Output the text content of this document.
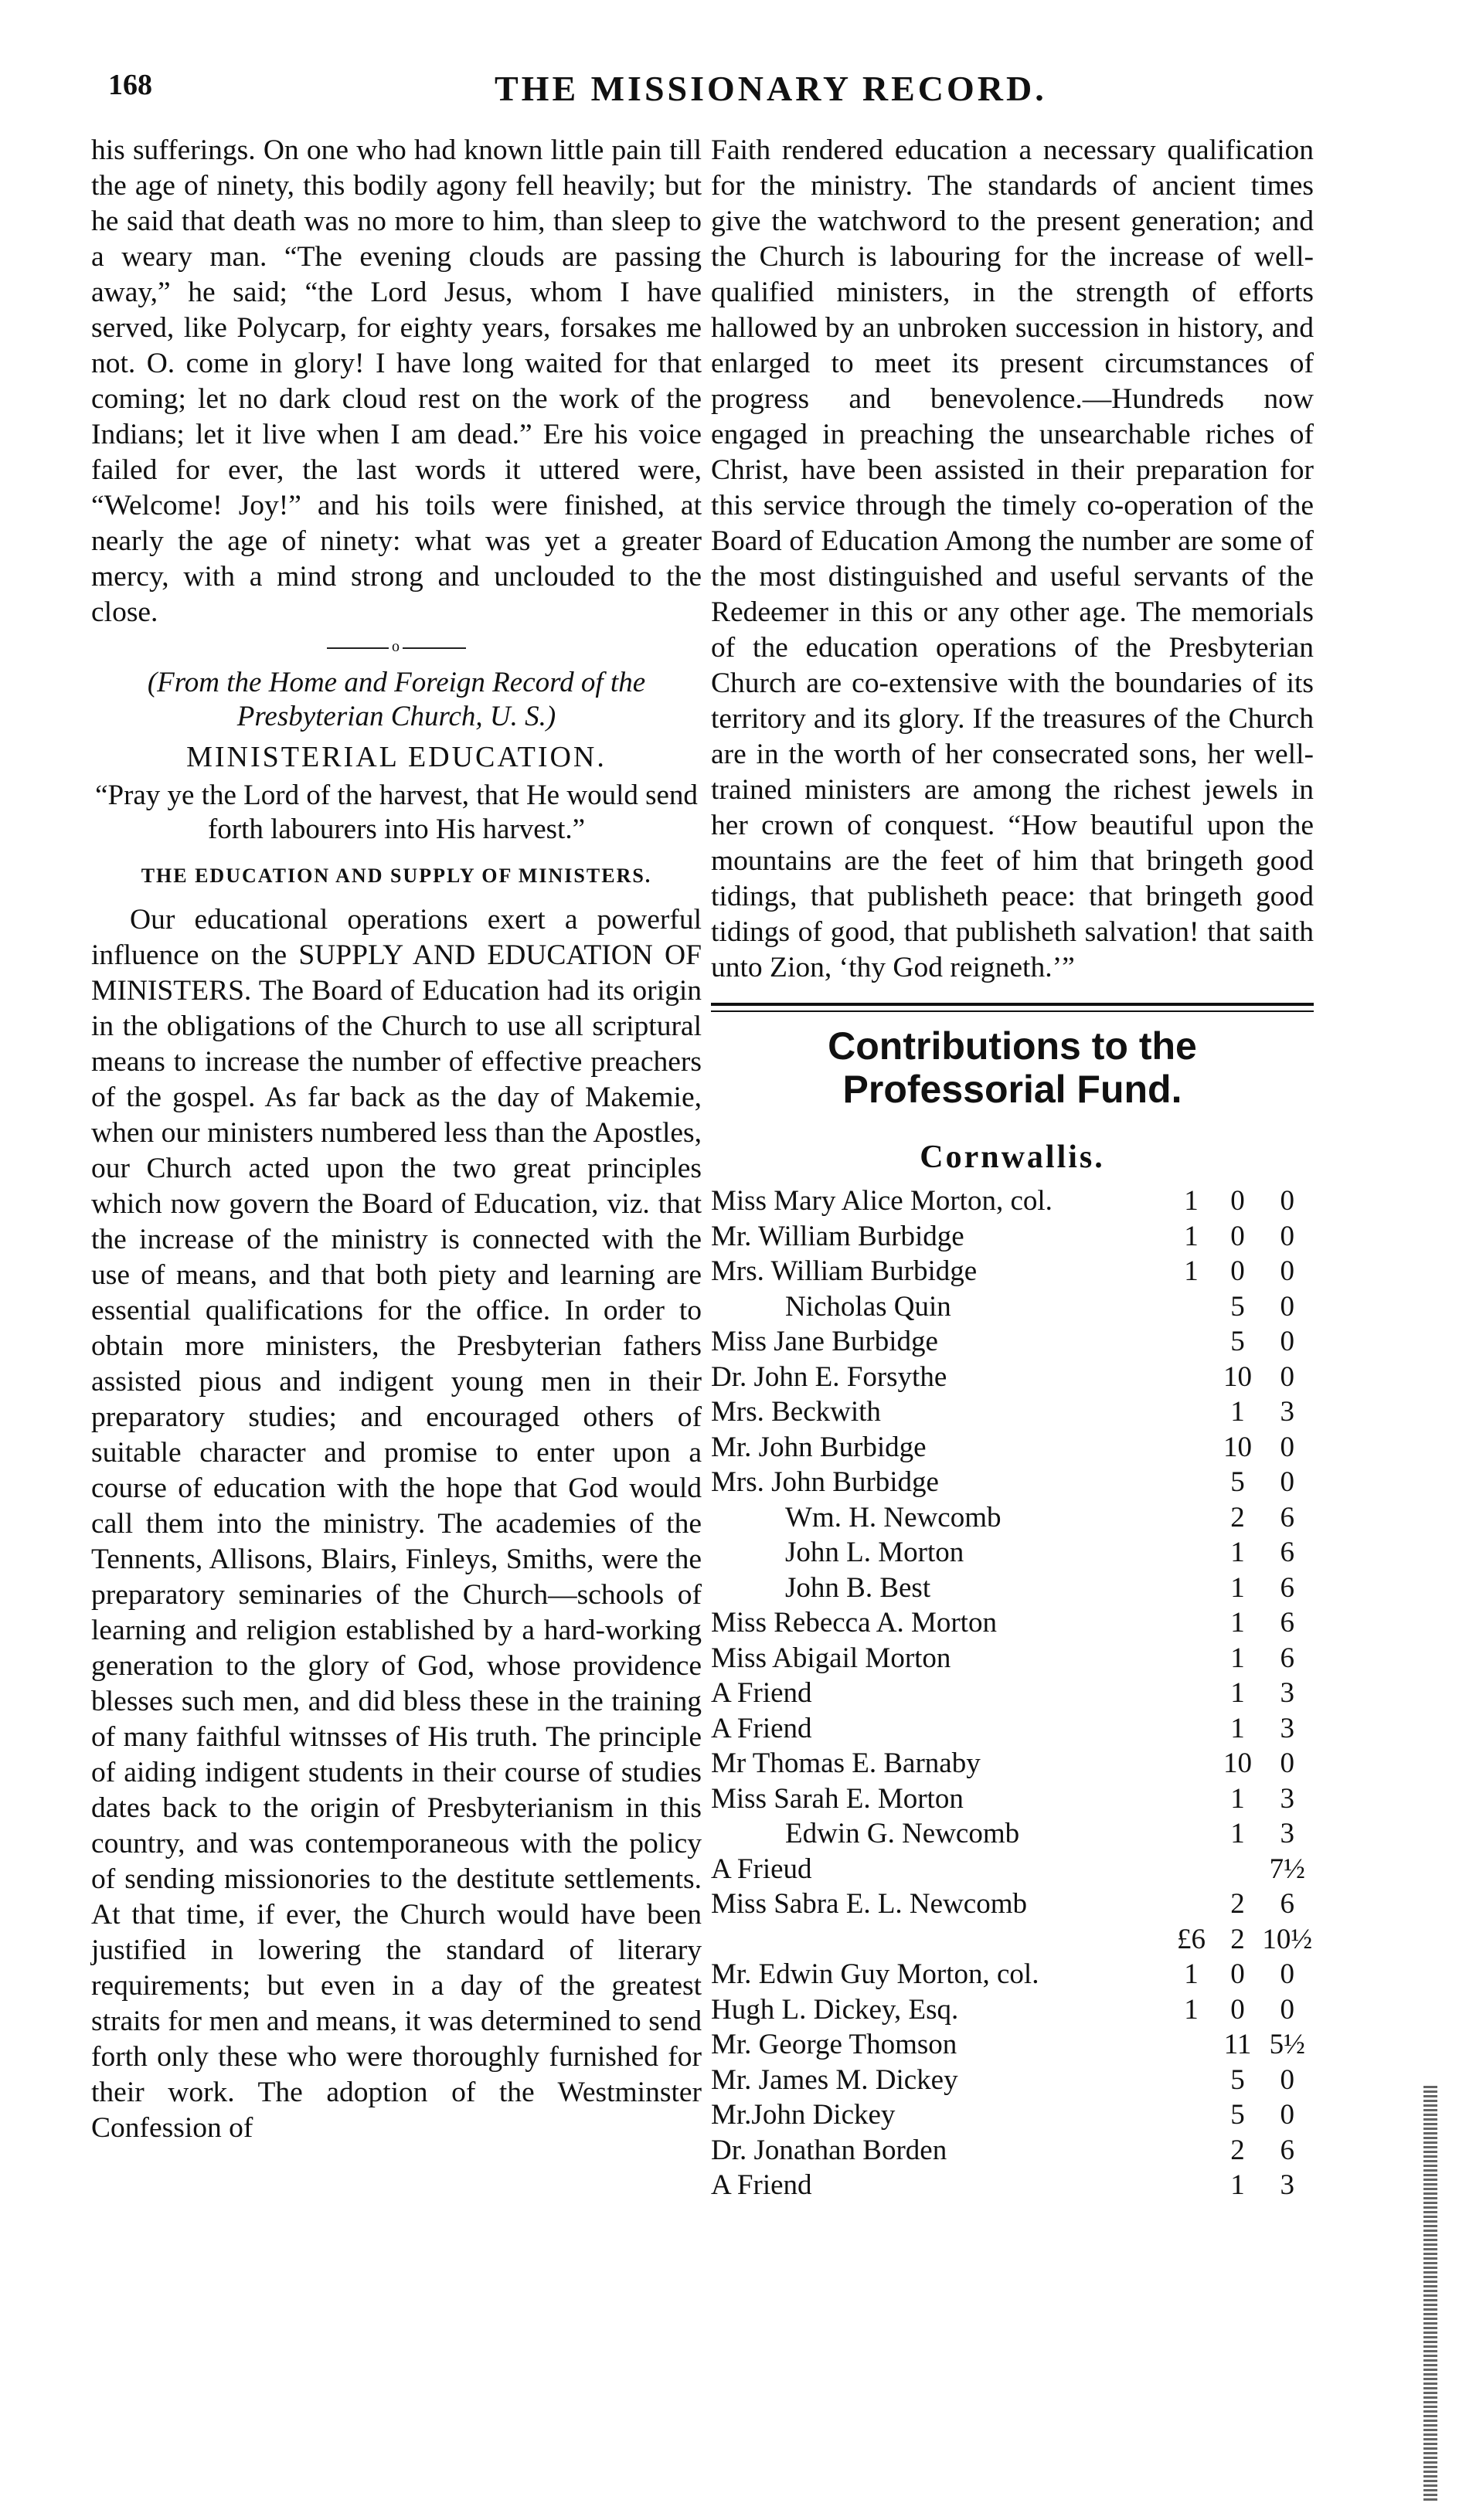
168	THE MISSIONARY RECORD.

his sufferings. On one who had known little pain till the age of ninety, this bodily agony fell heavily; but he said that death was no more to him, than sleep to a weary man. “The evening clouds are passing away,” he said; “the Lord Jesus, whom I have served, like Polycarp, for eighty years, forsakes me not. O. come in glory! I have long waited for that coming; let no dark cloud rest on the work of the Indians; let it live when I am dead.” Ere his voice failed for ever, the last words it uttered were, “Welcome! Joy!” and his toils were finished, at nearly the age of ninety: what was yet a greater mercy, with a mind strong and unclouded to the close.

o

(From the Home and Foreign Record of the Presbyterian Church, U. S.)

MINISTERIAL EDUCATION.

“Pray ye the Lord of the harvest, that He would send forth labourers into His harvest.”

THE EDUCATION AND SUPPLY OF MINISTERS.

Our educational operations exert a powerful influence on the SUPPLY AND EDUCATION OF MINISTERS. The Board of Education had its origin in the obligations of the Church to use all scriptural means to increase the number of effective preachers of the gospel. As far back as the day of Makemie, when our ministers numbered less than the Apostles, our Church acted upon the two great principles which now govern the Board of Education, viz. that the increase of the ministry is connected with the use of means, and that both piety and learning are essential qualifications for the office. In order to obtain more ministers, the Presbyterian fathers assisted pious and indigent young men in their preparatory studies; and encouraged others of suitable character and promise to enter upon a course of education with the hope that God would call them into the ministry. The academies of the Tennents, Allisons, Blairs, Finleys, Smiths, were the preparatory seminaries of the Church—schools of learning and religion established by a hard-working generation to the glory of God, whose providence blesses such men, and did bless these in the training of many faithful witnsses of His truth. The principle of aiding indigent students in their course of studies dates back to the origin of Presbyterianism in this country, and was contemporaneous with the policy of sending missionories to the destitute settlements. At that time, if ever, the Church would have been justified in lowering the standard of literary requirements; but even in a day of the greatest straits for men and means, it was determined to send forth only these who were thoroughly furnished for their work. The adoption of the Westminster Confession of

Faith rendered education a necessary qualification for the ministry. The standards of ancient times give the watchword to the present generation; and the Church is labouring for the increase of well-qualified ministers, in the strength of efforts hallowed by an unbroken succession in history, and enlarged to meet its present circumstances of progress and benevolence.—Hundreds now engaged in preaching the unsearchable riches of Christ, have been assisted in their preparation for this service through the timely co-operation of the Board of Education Among the number are some of the most distinguished and useful servants of the Redeemer in this or any other age. The memorials of the education operations of the Presbyterian Church are co-extensive with the boundaries of its territory and its glory. If the treasures of the Church are in the worth of her consecrated sons, her well-trained ministers are among the richest jewels in her crown of conquest. “How beautiful upon the mountains are the feet of him that bringeth good tidings, that publisheth peace: that bringeth good tidings of good, that publisheth salvation! that saith unto Zion, ‘thy God reigneth.’”

Contributions to the Professorial Fund.

Cornwallis.

Miss Mary Alice Morton, col.	1	0	0
Mr. William Burbidge	1	0	0
Mrs. William Burbidge	1	0	0
Nicholas Quin		5	0
Miss Jane Burbidge		5	0
Dr. John E. Forsythe		10	0
Mrs. Beckwith		1	3
Mr. John Burbidge		10	0
Mrs. John Burbidge		5	0
Wm. H. Newcomb		2	6
John L. Morton		1	6
John B. Best		1	6
Miss Rebecca A. Morton		1	6
Miss Abigail Morton		1	6
A Friend		1	3
A Friend		1	3
Mr Thomas E. Barnaby		10	0
Miss Sarah E. Morton		1	3
Edwin G. Newcomb		1	3
A Frieud			7½
Miss Sabra E. L. Newcomb		2	6
	£6	2	10½
Mr. Edwin Guy Morton, col.	1	0	0
Hugh L. Dickey, Esq.	1	0	0
Mr. George Thomson		11	5½
Mr. James M. Dickey		5	0
Mr.John Dickey		5	0
Dr. Jonathan Borden		2	6
A Friend		1	3
